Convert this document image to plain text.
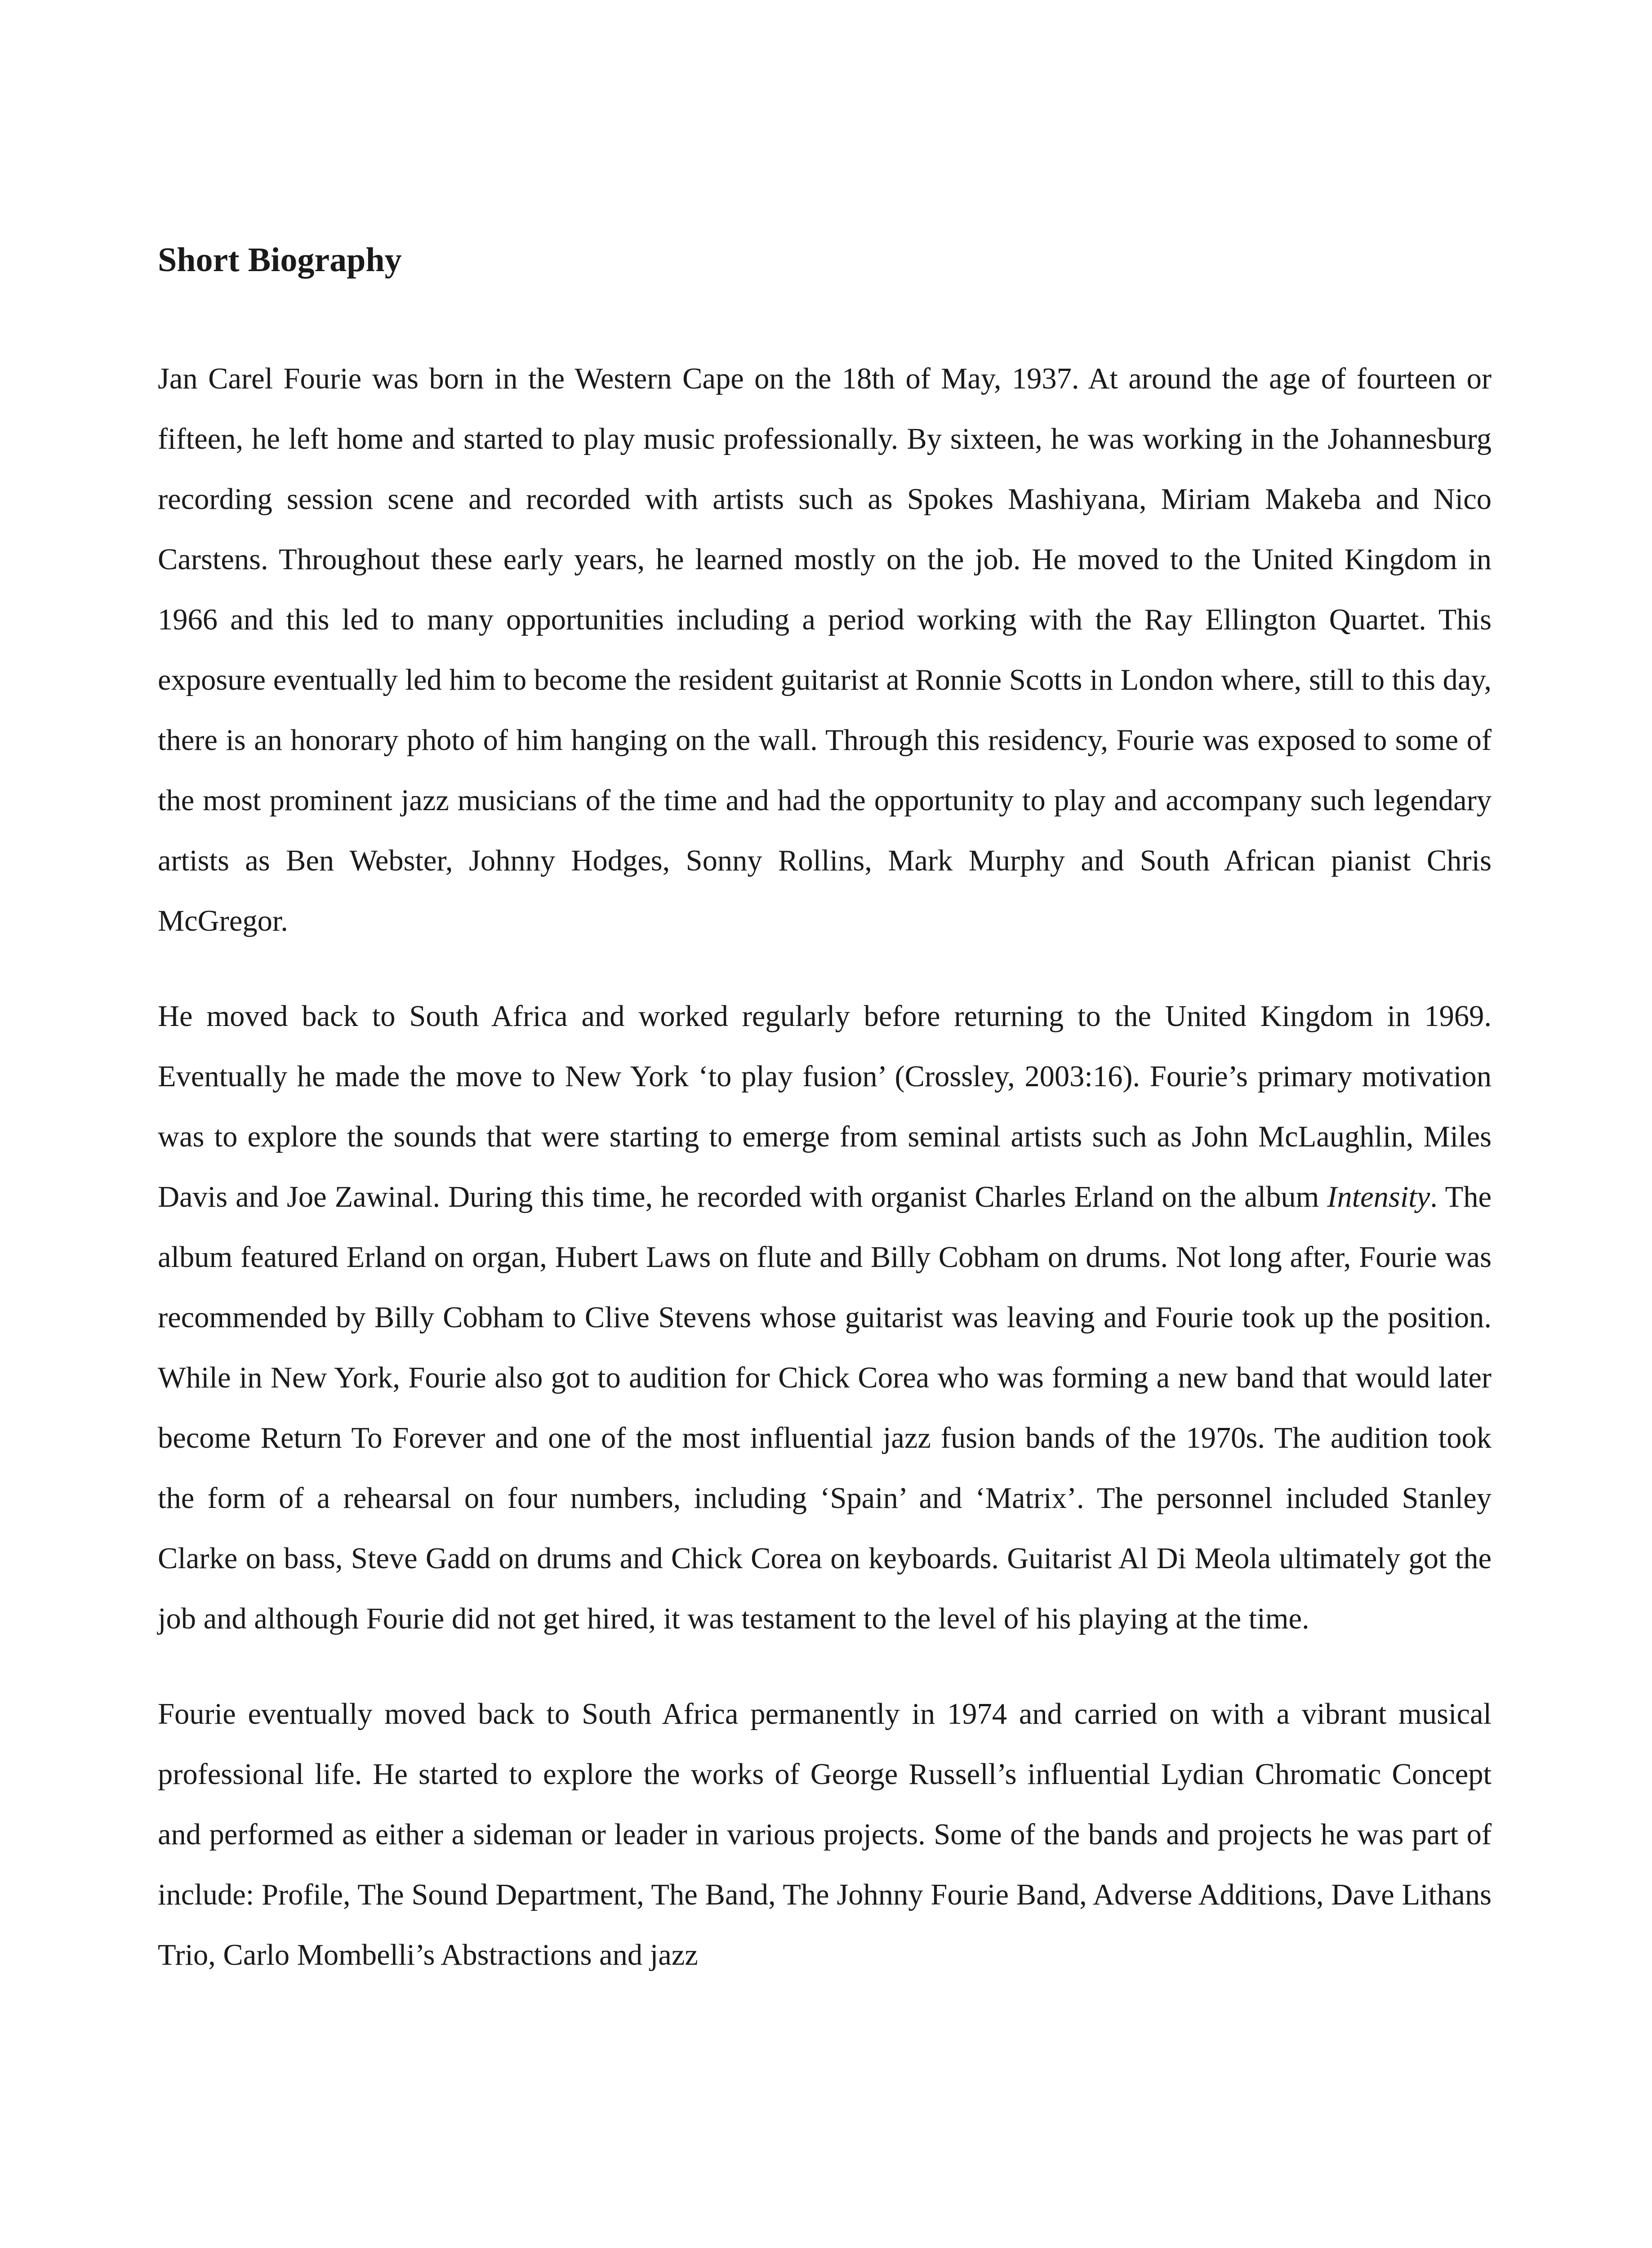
Short Biography

Jan Carel Fourie was born in the Western Cape on the 18th of May, 1937. At around the age of fourteen or fifteen, he left home and started to play music professionally. By sixteen, he was working in the Johannesburg recording session scene and recorded with artists such as Spokes Mashiyana, Miriam Makeba and Nico Carstens. Throughout these early years, he learned mostly on the job. He moved to the United Kingdom in 1966 and this led to many opportunities including a period working with the Ray Ellington Quartet. This exposure eventually led him to become the resident guitarist at Ronnie Scotts in London where, still to this day, there is an honorary photo of him hanging on the wall. Through this residency, Fourie was exposed to some of the most prominent jazz musicians of the time and had the opportunity to play and accompany such legendary artists as Ben Webster, Johnny Hodges, Sonny Rollins, Mark Murphy and South African pianist Chris McGregor.

He moved back to South Africa and worked regularly before returning to the United Kingdom in 1969. Eventually he made the move to New York ‘to play fusion’ (Crossley, 2003:16). Fourie’s primary motivation was to explore the sounds that were starting to emerge from seminal artists such as John McLaughlin, Miles Davis and Joe Zawinal. During this time, he recorded with organist Charles Erland on the album Intensity. The album featured Erland on organ, Hubert Laws on flute and Billy Cobham on drums. Not long after, Fourie was recommended by Billy Cobham to Clive Stevens whose guitarist was leaving and Fourie took up the position. While in New York, Fourie also got to audition for Chick Corea who was forming a new band that would later become Return To Forever and one of the most influential jazz fusion bands of the 1970s. The audition took the form of a rehearsal on four numbers, including ‘Spain’ and ‘Matrix’. The personnel included Stanley Clarke on bass, Steve Gadd on drums and Chick Corea on keyboards. Guitarist Al Di Meola ultimately got the job and although Fourie did not get hired, it was testament to the level of his playing at the time.

Fourie eventually moved back to South Africa permanently in 1974 and carried on with a vibrant musical professional life. He started to explore the works of George Russell’s influential Lydian Chromatic Concept and performed as either a sideman or leader in various projects. Some of the bands and projects he was part of include: Profile, The Sound Department, The Band, The Johnny Fourie Band, Adverse Additions, Dave Lithans Trio, Carlo Mombelli’s Abstractions and jazz
